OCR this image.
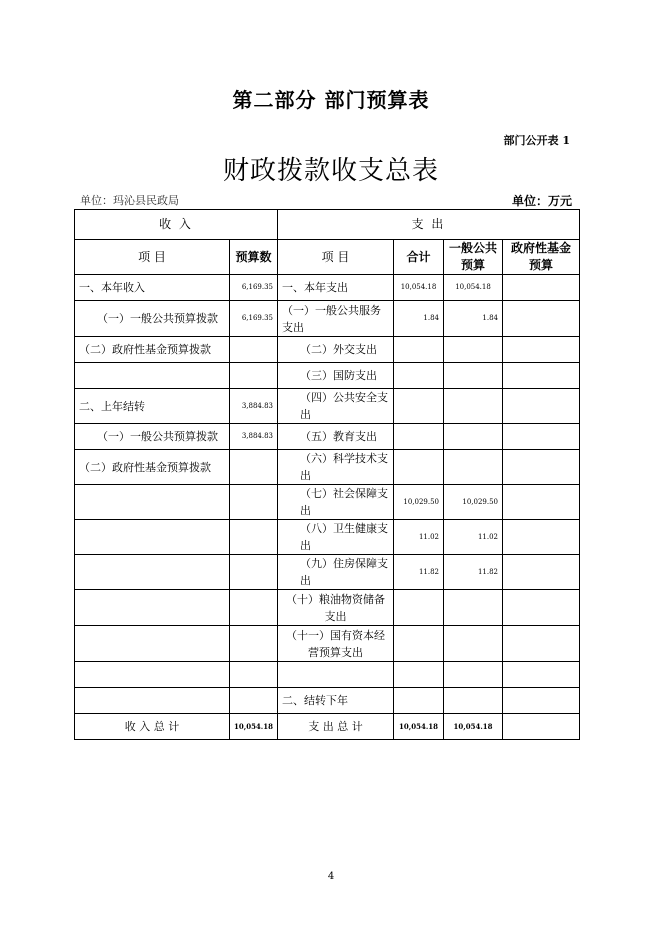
第二部分 部门预算表
部门公开表 1
财政拨款收支总表
单位：玛沁县民政局	单位：万元
收 入		支 出			
项 目	预算数	项 目	合计	一般公共预算	政府性基金预算
一、本年收入	6,169.35	一、本年支出	10,054.18	10,054.18	
（一）一般公共预算拨款	6,169.35	（一）一般公共服务支出	1.84	1.84	
（二）政府性基金预算拨款		（二）外交支出			
		（三）国防支出			
二、上年结转	3,884.83	（四）公共安全支出			
（一）一般公共预算拨款	3,884.83	（五）教育支出			
（二）政府性基金预算拨款		（六）科学技术支出			
		（七）社会保障支出	10,029.50	10,029.50	
		（八）卫生健康支出	11.02	11.02	
		（九）住房保障支出	11.82	11.82	
		（十）粮油物资储备支出			
		（十一）国有资本经营预算支出			

		二、结转下年			
收 入 总 计	10,054.18	支 出 总 计	10,054.18	10,054.18	
4
